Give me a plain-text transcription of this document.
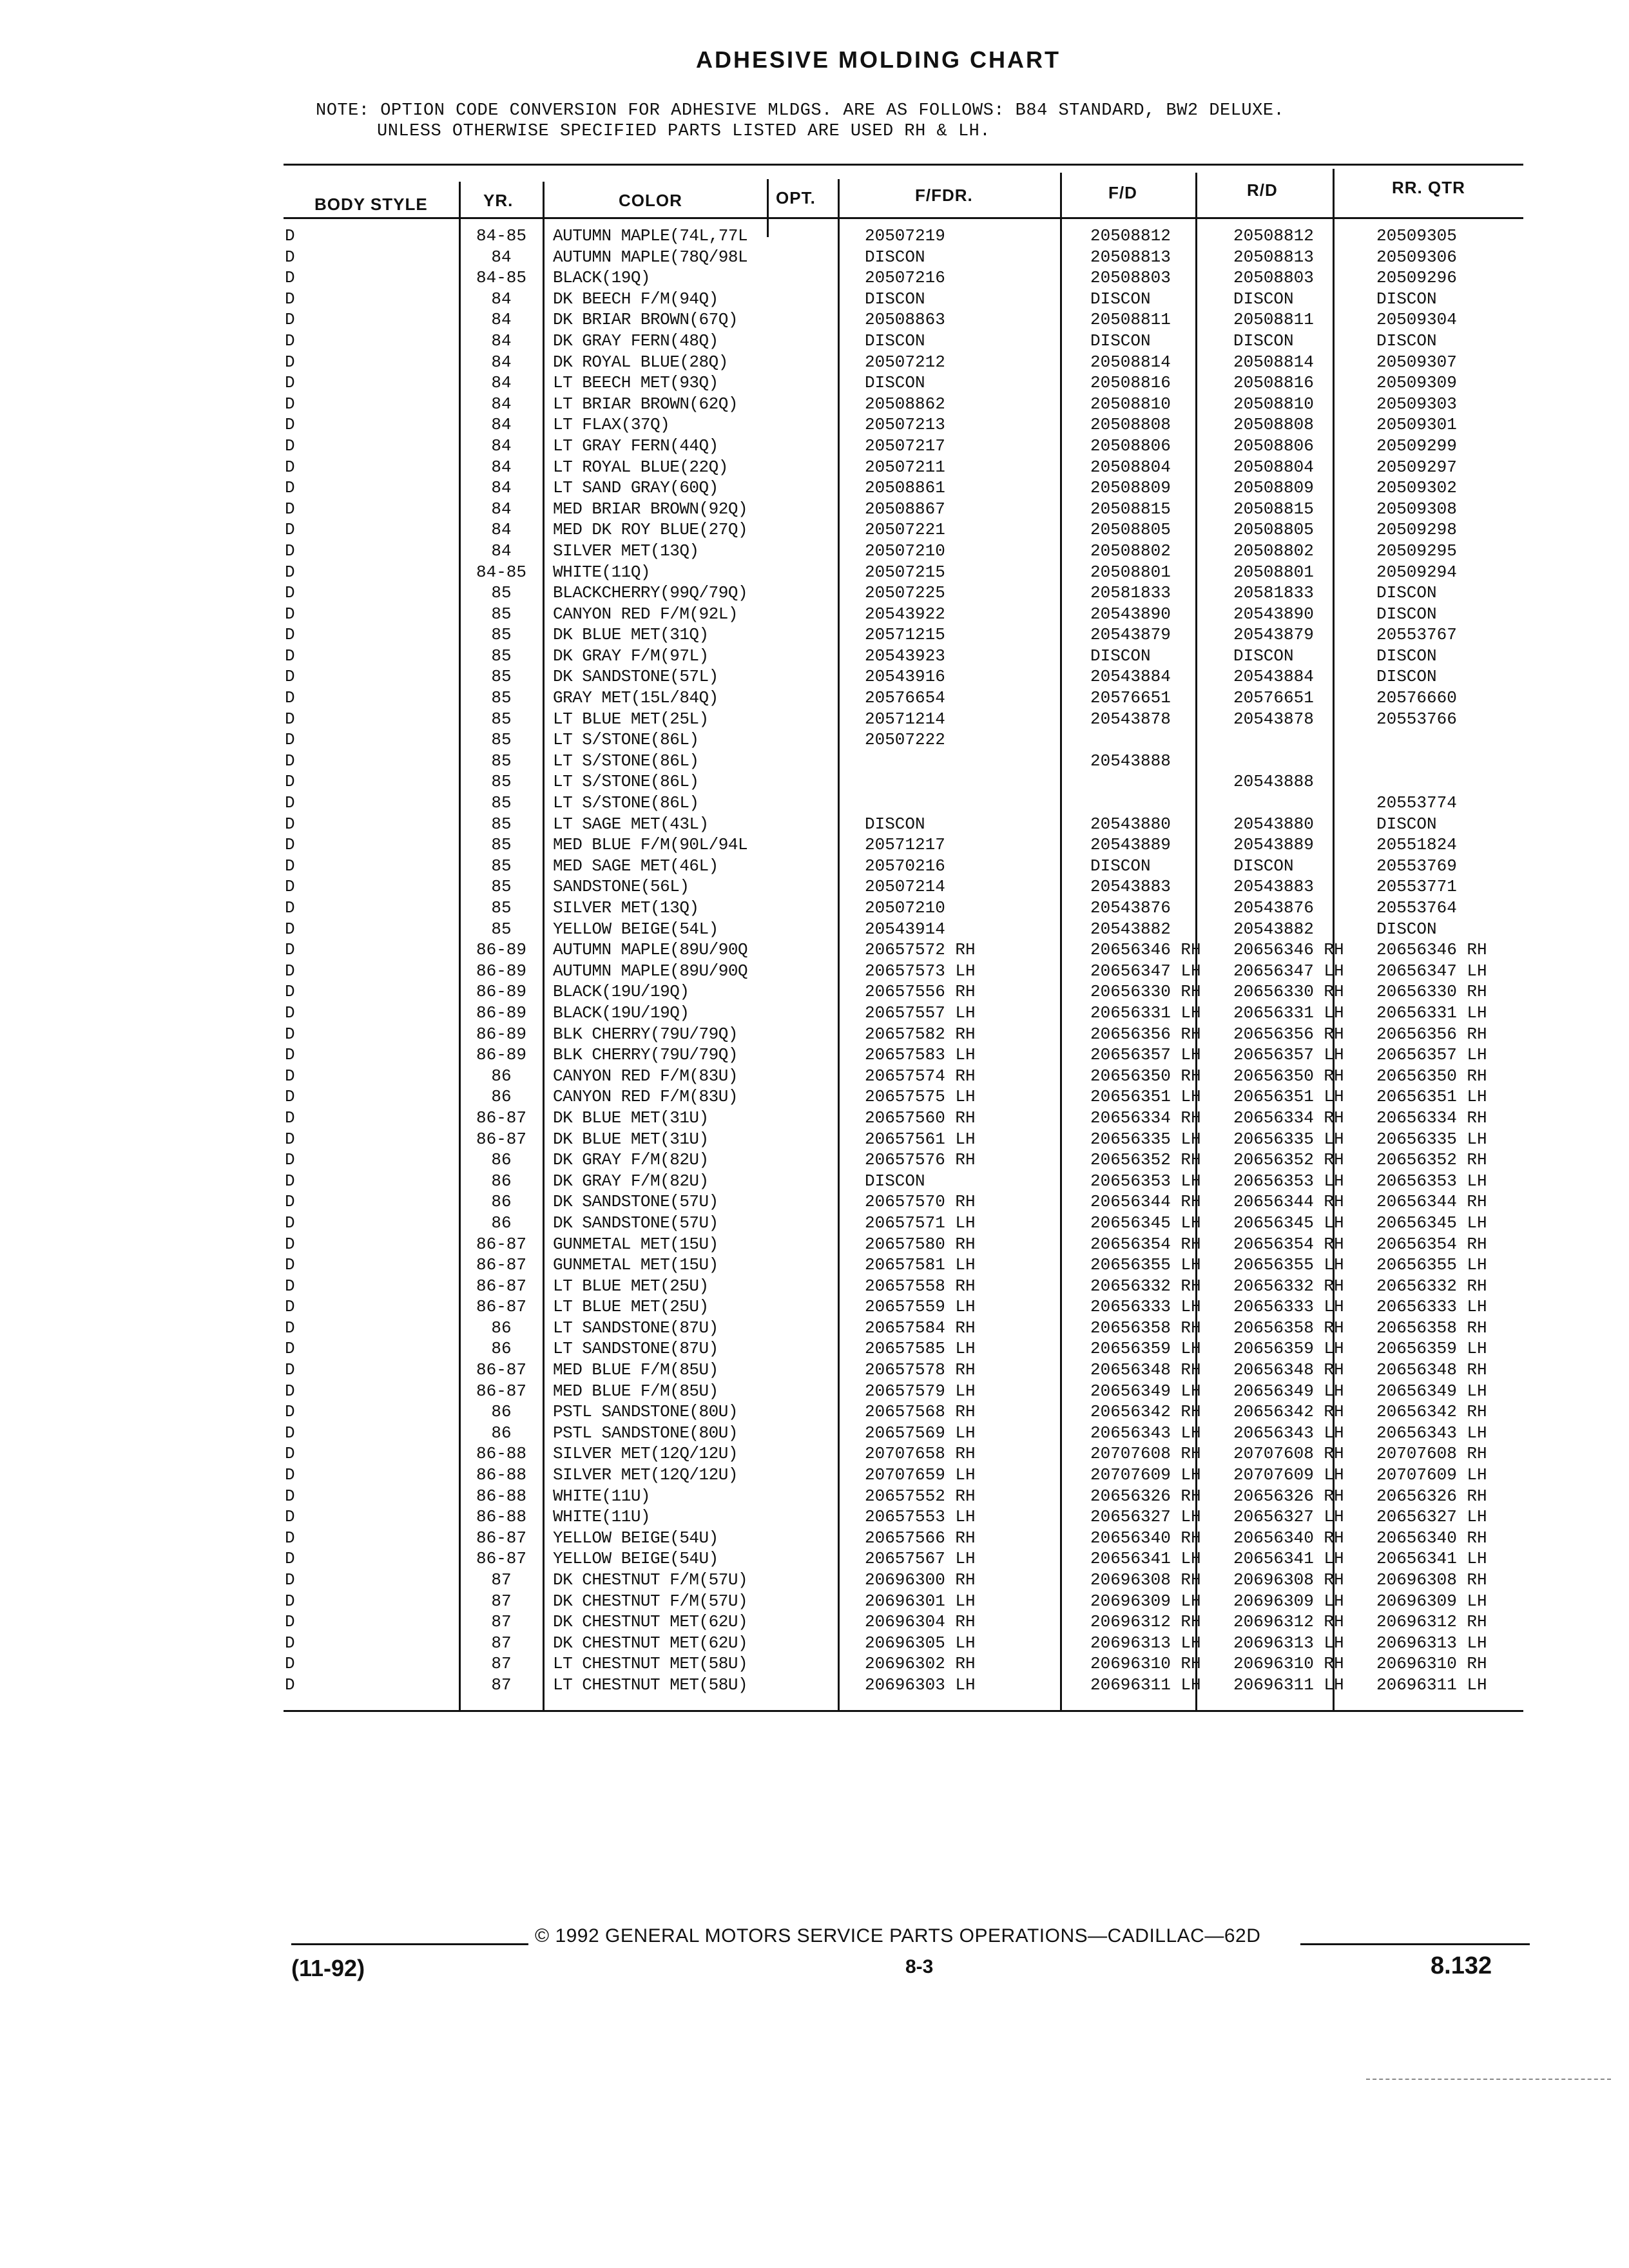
ADHESIVE MOLDING CHART
NOTE: OPTION CODE CONVERSION FOR ADHESIVE MLDGS. ARE AS FOLLOWS: B84 STANDARD, BW2 DELUXE.
UNLESS OTHERWISE SPECIFIED PARTS LISTED ARE USED RH & LH.
BODY STYLE	YR.	COLOR	OPT.	F/FDR.	F/D	R/D	RR. QTR
D	84-85	AUTUMN MAPLE(74L,77L		20507219	20508812	20508812	20509305
D	84	AUTUMN MAPLE(78Q/98L		DISCON	20508813	20508813	20509306
D	84-85	BLACK(19Q)		20507216	20508803	20508803	20509296
D	84	DK BEECH F/M(94Q)		DISCON	DISCON	DISCON	DISCON
D	84	DK BRIAR BROWN(67Q)		20508863	20508811	20508811	20509304
D	84	DK GRAY FERN(48Q)		DISCON	DISCON	DISCON	DISCON
D	84	DK ROYAL BLUE(28Q)		20507212	20508814	20508814	20509307
D	84	LT BEECH MET(93Q)		DISCON	20508816	20508816	20509309
D	84	LT BRIAR BROWN(62Q)		20508862	20508810	20508810	20509303
D	84	LT FLAX(37Q)		20507213	20508808	20508808	20509301
D	84	LT GRAY FERN(44Q)		20507217	20508806	20508806	20509299
D	84	LT ROYAL BLUE(22Q)		20507211	20508804	20508804	20509297
D	84	LT SAND GRAY(60Q)		20508861	20508809	20508809	20509302
D	84	MED BRIAR BROWN(92Q)		20508867	20508815	20508815	20509308
D	84	MED DK ROY BLUE(27Q)		20507221	20508805	20508805	20509298
D	84	SILVER MET(13Q)		20507210	20508802	20508802	20509295
D	84-85	WHITE(11Q)		20507215	20508801	20508801	20509294
D	85	BLACKCHERRY(99Q/79Q)		20507225	20581833	20581833	DISCON
D	85	CANYON RED F/M(92L)		20543922	20543890	20543890	DISCON
D	85	DK BLUE MET(31Q)		20571215	20543879	20543879	20553767
D	85	DK GRAY F/M(97L)		20543923	DISCON	DISCON	DISCON
D	85	DK SANDSTONE(57L)		20543916	20543884	20543884	DISCON
D	85	GRAY MET(15L/84Q)		20576654	20576651	20576651	20576660
D	85	LT BLUE MET(25L)		20571214	20543878	20543878	20553766
D	85	LT S/STONE(86L)		20507222			
D	85	LT S/STONE(86L)			20543888		
D	85	LT S/STONE(86L)				20543888	
D	85	LT S/STONE(86L)					20553774
D	85	LT SAGE MET(43L)		DISCON	20543880	20543880	DISCON
D	85	MED BLUE F/M(90L/94L		20571217	20543889	20543889	20551824
D	85	MED SAGE MET(46L)		20570216	DISCON	DISCON	20553769
D	85	SANDSTONE(56L)		20507214	20543883	20543883	20553771
D	85	SILVER MET(13Q)		20507210	20543876	20543876	20553764
D	85	YELLOW BEIGE(54L)		20543914	20543882	20543882	DISCON
D	86-89	AUTUMN MAPLE(89U/90Q		20657572 RH	20656346 RH	20656346 RH	20656346 RH
D	86-89	AUTUMN MAPLE(89U/90Q		20657573 LH	20656347 LH	20656347 LH	20656347 LH
D	86-89	BLACK(19U/19Q)		20657556 RH	20656330 RH	20656330 RH	20656330 RH
D	86-89	BLACK(19U/19Q)		20657557 LH	20656331 LH	20656331 LH	20656331 LH
D	86-89	BLK CHERRY(79U/79Q)		20657582 RH	20656356 RH	20656356 RH	20656356 RH
D	86-89	BLK CHERRY(79U/79Q)		20657583 LH	20656357 LH	20656357 LH	20656357 LH
D	86	CANYON RED F/M(83U)		20657574 RH	20656350 RH	20656350 RH	20656350 RH
D	86	CANYON RED F/M(83U)		20657575 LH	20656351 LH	20656351 LH	20656351 LH
D	86-87	DK BLUE MET(31U)		20657560 RH	20656334 RH	20656334 RH	20656334 RH
D	86-87	DK BLUE MET(31U)		20657561 LH	20656335 LH	20656335 LH	20656335 LH
D	86	DK GRAY F/M(82U)		20657576 RH	20656352 RH	20656352 RH	20656352 RH
D	86	DK GRAY F/M(82U)		DISCON	20656353 LH	20656353 LH	20656353 LH
D	86	DK SANDSTONE(57U)		20657570 RH	20656344 RH	20656344 RH	20656344 RH
D	86	DK SANDSTONE(57U)		20657571 LH	20656345 LH	20656345 LH	20656345 LH
D	86-87	GUNMETAL MET(15U)		20657580 RH	20656354 RH	20656354 RH	20656354 RH
D	86-87	GUNMETAL MET(15U)		20657581 LH	20656355 LH	20656355 LH	20656355 LH
D	86-87	LT BLUE MET(25U)		20657558 RH	20656332 RH	20656332 RH	20656332 RH
D	86-87	LT BLUE MET(25U)		20657559 LH	20656333 LH	20656333 LH	20656333 LH
D	86	LT SANDSTONE(87U)		20657584 RH	20656358 RH	20656358 RH	20656358 RH
D	86	LT SANDSTONE(87U)		20657585 LH	20656359 LH	20656359 LH	20656359 LH
D	86-87	MED BLUE F/M(85U)		20657578 RH	20656348 RH	20656348 RH	20656348 RH
D	86-87	MED BLUE F/M(85U)		20657579 LH	20656349 LH	20656349 LH	20656349 LH
D	86	PSTL SANDSTONE(80U)		20657568 RH	20656342 RH	20656342 RH	20656342 RH
D	86	PSTL SANDSTONE(80U)		20657569 LH	20656343 LH	20656343 LH	20656343 LH
D	86-88	SILVER MET(12Q/12U)		20707658 RH	20707608 RH	20707608 RH	20707608 RH
D	86-88	SILVER MET(12Q/12U)		20707659 LH	20707609 LH	20707609 LH	20707609 LH
D	86-88	WHITE(11U)		20657552 RH	20656326 RH	20656326 RH	20656326 RH
D	86-88	WHITE(11U)		20657553 LH	20656327 LH	20656327 LH	20656327 LH
D	86-87	YELLOW BEIGE(54U)		20657566 RH	20656340 RH	20656340 RH	20656340 RH
D	86-87	YELLOW BEIGE(54U)		20657567 LH	20656341 LH	20656341 LH	20656341 LH
D	87	DK CHESTNUT F/M(57U)		20696300 RH	20696308 RH	20696308 RH	20696308 RH
D	87	DK CHESTNUT F/M(57U)		20696301 LH	20696309 LH	20696309 LH	20696309 LH
D	87	DK CHESTNUT MET(62U)		20696304 RH	20696312 RH	20696312 RH	20696312 RH
D	87	DK CHESTNUT MET(62U)		20696305 LH	20696313 LH	20696313 LH	20696313 LH
D	87	LT CHESTNUT MET(58U)		20696302 RH	20696310 RH	20696310 RH	20696310 RH
D	87	LT CHESTNUT MET(58U)		20696303 LH	20696311 LH	20696311 LH	20696311 LH
© 1992 GENERAL MOTORS SERVICE PARTS OPERATIONS—CADILLAC—62D
(11-92)	8-3	8.132
